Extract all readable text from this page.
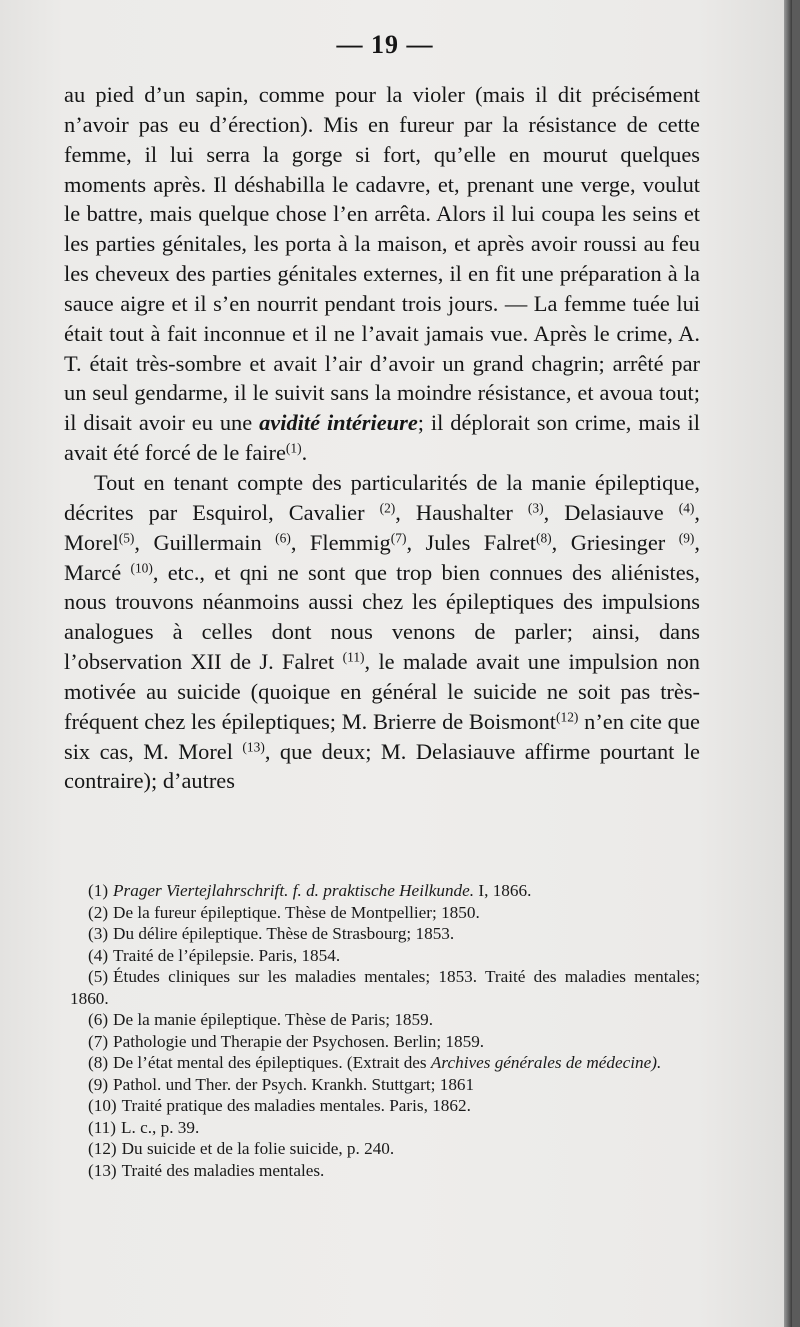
— 19 —

au pied d’un sapin, comme pour la violer (mais il dit précisément n’avoir pas eu d’érection). Mis en fureur par la résistance de cette femme, il lui serra la gorge si fort, qu’elle en mourut quelques moments après. Il déshabilla le cadavre, et, prenant une verge, voulut le battre, mais quelque chose l’en arrêta. Alors il lui coupa les seins et les parties génitales, les porta à la maison, et après avoir roussi au feu les cheveux des parties génitales externes, il en fit une préparation à la sauce aigre et il s’en nourrit pendant trois jours. — La femme tuée lui était tout à fait inconnue et il ne l’avait jamais vue. Après le crime, A. T. était très-sombre et avait l’air d’avoir un grand chagrin; arrêté par un seul gendarme, il le suivit sans la moindre résistance, et avoua tout; il disait avoir eu une avidité intérieure; il déplorait son crime, mais il avait été forcé de le faire$^{(1)}$.

Tout en tenant compte des particularités de la manie épileptique, décrites par Esquirol, Cavalier $^{(2)}$, Haushalter $^{(3)}$, Delasiauve $^{(4)}$, Morel$^{(5)}$, Guillermain $^{(6)}$, Flemmig$^{(7)}$, Jules Falret$^{(8)}$, Griesinger $^{(9)}$, Marcé $^{(10)}$, etc., et qni ne sont que trop bien connues des aliénistes, nous trouvons néanmoins aussi chez les épileptiques des impulsions analogues à celles dont nous venons de parler; ainsi, dans l’observation XII de J. Falret $^{(11)}$, le malade avait une impulsion non motivée au suicide (quoique en général le suicide ne soit pas très-fréquent chez les épileptiques; M. Brierre de Boismont$^{(12)}$ n’en cite que six cas, M. Morel $^{(13)}$, que deux; M. Delasiauve affirme pourtant le contraire); d’autres

(1) Prager Viertejlahrschrift. f. d. praktische Heilkunde. I, 1866.
(2) De la fureur épileptique. Thèse de Montpellier; 1850.
(3) Du délire épileptique. Thèse de Strasbourg; 1853.
(4) Traité de l’épilepsie. Paris, 1854.
(5) Études cliniques sur les maladies mentales; 1853. Traité des maladies mentales; 1860.
(6) De la manie épileptique. Thèse de Paris; 1859.
(7) Pathologie und Therapie der Psychosen. Berlin; 1859.
(8) De l’état mental des épileptiques. (Extrait des Archives générales de médecine).
(9) Pathol. und Ther. der Psych. Krankh. Stuttgart; 1861
(10) Traité pratique des maladies mentales. Paris, 1862.
(11) L. c., p. 39.
(12) Du suicide et de la folie suicide, p. 240.
(13) Traité des maladies mentales.
